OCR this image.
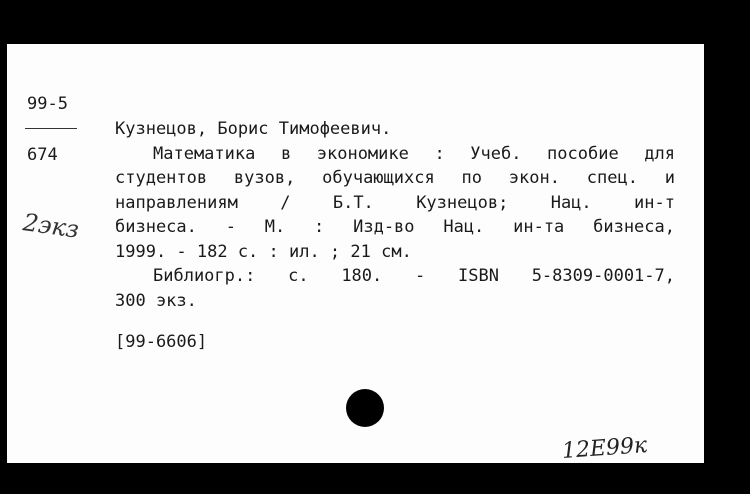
99-5
674
2экз
Кузнецов, Борис Тимофеевич.
Математика в экономике : Учеб. пособие для
студентов вузов, обучающихся по экон. спец. и
направлениям / Б.Т. Кузнецов; Нац. ин-т
бизнеса. - М. : Изд-во Нац. ин-та бизнеса,
1999. - 182 с. : ил. ; 21 см.
Библиогр.: с. 180. - ISBN 5-8309-0001-7,
300 экз.
[99-6606]
12Е99к
